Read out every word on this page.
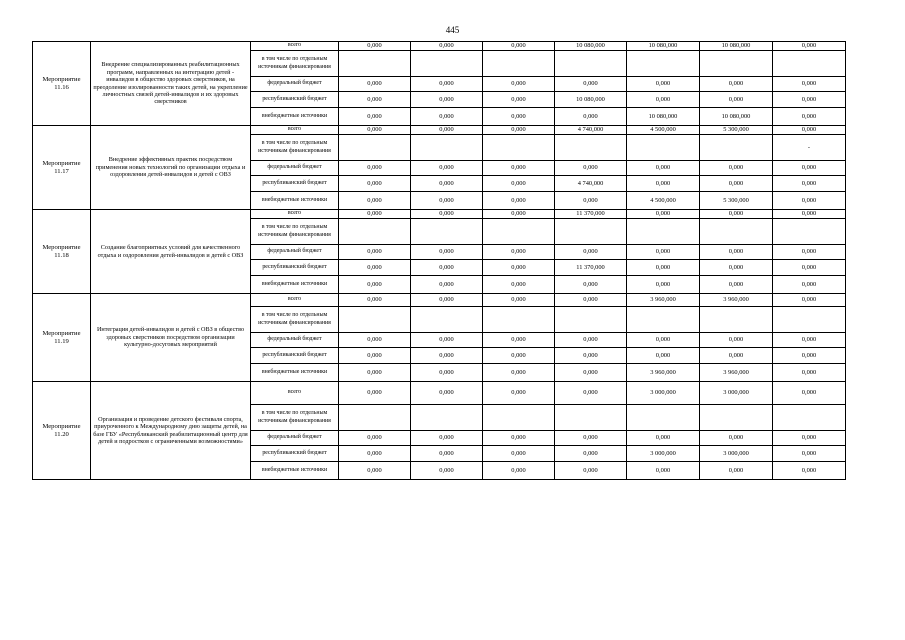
445
Мероприятие 11.16	Внедрение специализированных реабилитационных программ, направленных на интеграцию детей - инвалидов в общество здоровых сверстников, на преодоление изолированности таких детей, на укрепление личностных связей детей-инвалидов и их здоровых сверстников	всего	0,000	0,000	0,000	10 080,000	10 080,000	10 080,000	0,000
		в том числе по отдельным источникам финансирования							
		федеральный бюджет	0,000	0,000	0,000	0,000	0,000	0,000	0,000
		республиканский бюджет	0,000	0,000	0,000	10 080,000	0,000	0,000	0,000
		внебюджетные источники	0,000	0,000	0,000	0,000	10 080,000	10 080,000	0,000
Мероприятие 11.17	Внедрение эффективных практик посредством применения новых технологий по организации отдыха и оздоровления детей-инвалидов и детей с ОВЗ	всего	0,000	0,000	0,000	4 740,000	4 500,000	5 300,000	0,000
		в том числе по отдельным источникам финансирования							-
		федеральный бюджет	0,000	0,000	0,000	0,000	0,000	0,000	0,000
		республиканский бюджет	0,000	0,000	0,000	4 740,000	0,000	0,000	0,000
		внебюджетные источники	0,000	0,000	0,000	0,000	4 500,000	5 300,000	0,000
Мероприятие 11.18	Создание благоприятных условий для качественного отдыха и оздоровления детей-инвалидов и детей с ОВЗ	всего	0,000	0,000	0,000	11 370,000	0,000	0,000	0,000
		в том числе по отдельным источникам финансирования							
		федеральный бюджет	0,000	0,000	0,000	0,000	0,000	0,000	0,000
		республиканский бюджет	0,000	0,000	0,000	11 370,000	0,000	0,000	0,000
		внебюджетные источники	0,000	0,000	0,000	0,000	0,000	0,000	0,000
Мероприятие 11.19	Интеграция детей-инвалидов и детей с ОВЗ в общество здоровых сверстников посредством организации культурно-досуговых мероприятий	всего	0,000	0,000	0,000	0,000	3 960,000	3 960,000	0,000
		в том числе по отдельным источникам финансирования							
		федеральный бюджет	0,000	0,000	0,000	0,000	0,000	0,000	0,000
		республиканский бюджет	0,000	0,000	0,000	0,000	0,000	0,000	0,000
		внебюджетные источники	0,000	0,000	0,000	0,000	3 960,000	3 960,000	0,000
Мероприятие 11.20	Организация и проведение детского фестиваля спорта, приуроченного к Международному дню защиты детей, на базе ГБУ «Республиканский реабилитационный центр для детей и подростков с ограниченными возможностями»	всего	0,000	0,000	0,000	0,000	3 000,000	3 000,000	0,000
		в том числе по отдельным источникам финансирования							
		федеральный бюджет	0,000	0,000	0,000	0,000	0,000	0,000	0,000
		республиканский бюджет	0,000	0,000	0,000	0,000	3 000,000	3 000,000	0,000
		внебюджетные источники	0,000	0,000	0,000	0,000	0,000	0,000	0,000
